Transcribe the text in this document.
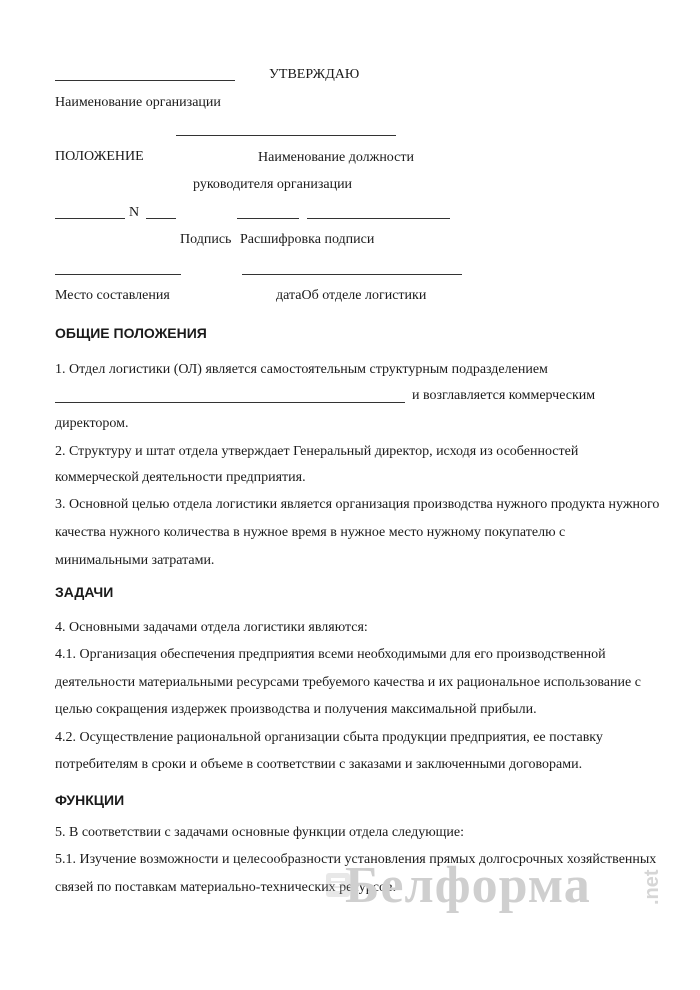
УТВЕРЖДАЮ
Наименование организации
ПОЛОЖЕНИЕ	Наименование должности
руководителя организации
N
Подпись Расшифровка подписи
Место составления	датаОб отделе логистики
ОБЩИЕ ПОЛОЖЕНИЯ
1. Отдел логистики (ОЛ) является самостоятельным структурным подразделением
и возглавляется коммерческим
директором.
2. Структуру и штат отдела утверждает Генеральный директор, исходя из особенностей
коммерческой деятельности предприятия.
3. Основной целью отдела логистики является организация производства нужного продукта нужного
качества нужного количества в нужное время в нужное место нужному покупателю с
минимальными затратами.
ЗАДАЧИ
4. Основными задачами отдела логистики являются:
4.1. Организация обеспечения предприятия всеми необходимыми для его производственной
деятельности материальными ресурсами требуемого качества и их рациональное использование с
целью сокращения издержек производства и получения максимальной прибыли.
4.2. Осуществление рациональной организации сбыта продукции предприятия, ее поставку
потребителям в сроки и объеме в соответствии с заказами и заключенными договорами.
ФУНКЦИИ
5. В соответствии с задачами основные функции отдела следующие:
5.1. Изучение возможности и целесообразности установления прямых долгосрочных хозяйственных
связей по поставкам материально-технических ресурсов.
Белформа	.net
